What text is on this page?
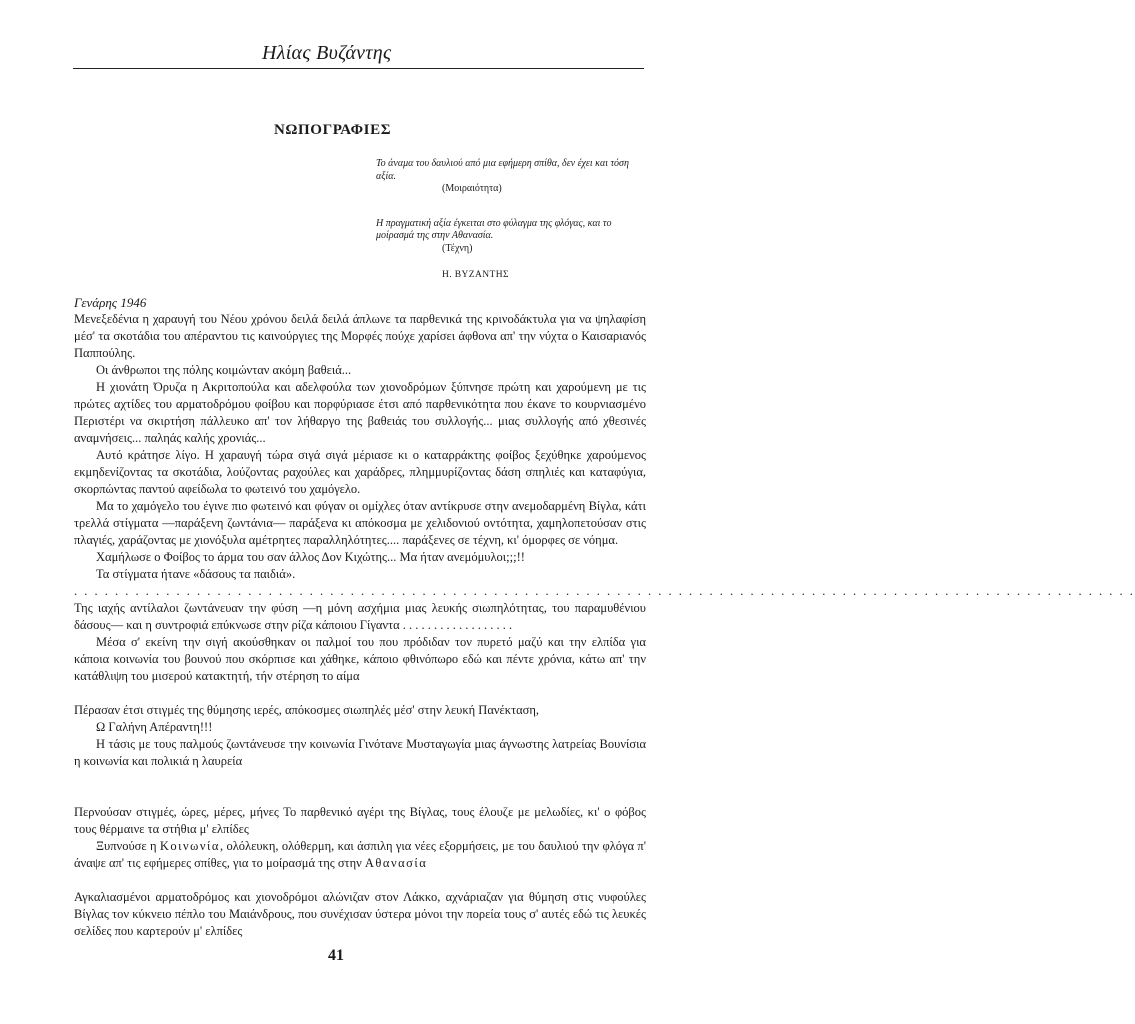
Ηλίας Βυζάντης
ΝΩΠΟΓΡΑΦΙΕΣ

Το άναμα του δαυλιού από μια εφήμερη σπίθα, δεν έχει και τόση αξία.

(Μοιραιότητα)

Η πραγματική αξία έγκειται στο φύλαγμα της φλόγας, και το μοίρασμά της στην Αθανασία.

(Τέχνη)
Η. ΒΥΖΑΝΤΗΣ

Γενάρης 1946

Μενεξεδένια η χαραυγή του Νέου χρόνου δειλά δειλά άπλωνε τα παρθενικά της κρινοδάκτυλα για να ψηλαφίση μέσ' τα σκοτάδια του απέραντου τις καινούργιες της Μορφές πούχε χαρίσει άφθονα απ' την νύχτα ο Καισαριανός Παππούλης.

Οι άνθρωποι της πόλης κοιμώνταν ακόμη βαθειά...

Η χιονάτη Όρυζα η Ακριτοπούλα και αδελφούλα των χιονοδρόμων ξύπνησε πρώτη και χαρούμενη με τις πρώτες αχτίδες του αρματοδρόμου φοίβου και πορφύριασε έτσι από παρθενικότητα που έκανε το κουρνιασμένο Περιστέρι να σκιρτήση πάλλευκο απ' τον λήθαργο της βαθειάς του συλλογής... μιας συλλογής από χθεσινές αναμνήσεις... παληάς καλής χρονιάς...

Αυτό κράτησε λίγο. Η χαραυγή τώρα σιγά σιγά μέριασε κι ο καταρράκτης φοίβος ξεχύθηκε χαρούμενος εκμηδενίζοντας τα σκοτάδια, λούζοντας ραχούλες και χαράδρες, πλημμυρίζοντας δάση σπηλιές και καταφύγια, σκορπώντας παντού αφείδωλα το φωτεινό του χαμόγελο.

Μα το χαμόγελο του έγινε πιο φωτεινό και φύγαν οι ομίχλες όταν αντίκρυσε στην ανεμοδαρμένη Βίγλα, κάτι τρελλά στίγματα —παράξενη ζωντάνια— παράξενα κι απόκοσμα με χελιδονιού οντότητα, χαμηλοπετούσαν στις πλαγιές, χαράζοντας με χιονόξυλα αμέτρητες παραλληλότητες.... παράξενες σε τέχνη, κι' όμορφες σε νόημα.

Χαμήλωσε ο Φοίβος το άρμα του σαν άλλος Δον Κιχώτης... Μα ήταν ανεμόμυλοι;;;!!

Τα στίγματα ήτανε «δάσους τα παιδιά».

. . . . . . . . . . . . . . . . . . . . . . . . . . . . . . . . . . . . . . . . . . . . . . . . . . . . . . . . . . . . . . . . . . . . . . . . . . . . . . . . . . . . . . . . . . . . . . . . . . . . . . . .

Της ιαχής αντίλαλοι ζωντάνευαν την φύση —η μόνη ασχήμια μιας λευκής σιωπηλότητας, του παραμυθένιου δάσους— και η συντροφιά επύκνωσε στην ρίζα κάποιου Γίγαντα . . . . . . . . . . . . . . . . . .

Μέσα σ' εκείνη την σιγή ακούσθηκαν οι παλμοί του που πρόδιδαν τον πυρετό μαζύ και την ελπίδα για κάποια κοινωνία του βουνού που σκόρπισε και χάθηκε, κάποιο φθινόπωρο εδώ και πέντε χρόνια, κάτω απ' την κατάθλιψη του μισερού κατακτητή, τήν στέρηση το αίμα

Πέρασαν έτσι στιγμές της θύμησης ιερές, απόκοσμες σιωπηλές μέσ' στην λευκή Πανέκταση,

Ω Γαλήνη Απέραντη!!!

Η τάσις με τους παλμούς ζωντάνευσε την κοινωνία Γινότανε Μυσταγωγία μιας άγνωστης λατρείας Βουνίσια η κοινωνία και πολικιά η λαυρεία

Περνούσαν στιγμές, ώρες, μέρες, μήνες Το παρθενικό αγέρι της Βίγλας, τους έλουζε με μελωδίες, κι' ο φόβος τους θέρμαινε τα στήθια μ' ελπίδες

Ξυπνούσε η Κοινωνία, ολόλευκη, ολόθερμη, και άσπιλη για νέες εξορμήσεις, με του δαυλιού την φλόγα π' άναψε απ' τις εφήμερες σπίθες, για το μοίρασμά της στην Αθανασία

Αγκαλιασμένοι αρματοδρόμος και χιονοδρόμοι αλώνιζαν στον Λάκκο, αχνάριαζαν για θύμηση στις νυφούλες Βίγλας τον κύκνειο πέπλο του Μαιάνδρους, που συνέχισαν ύστερα μόνοι την πορεία τους σ' αυτές εδώ τις λευκές σελίδες που καρτερούν μ' ελπίδες

41
